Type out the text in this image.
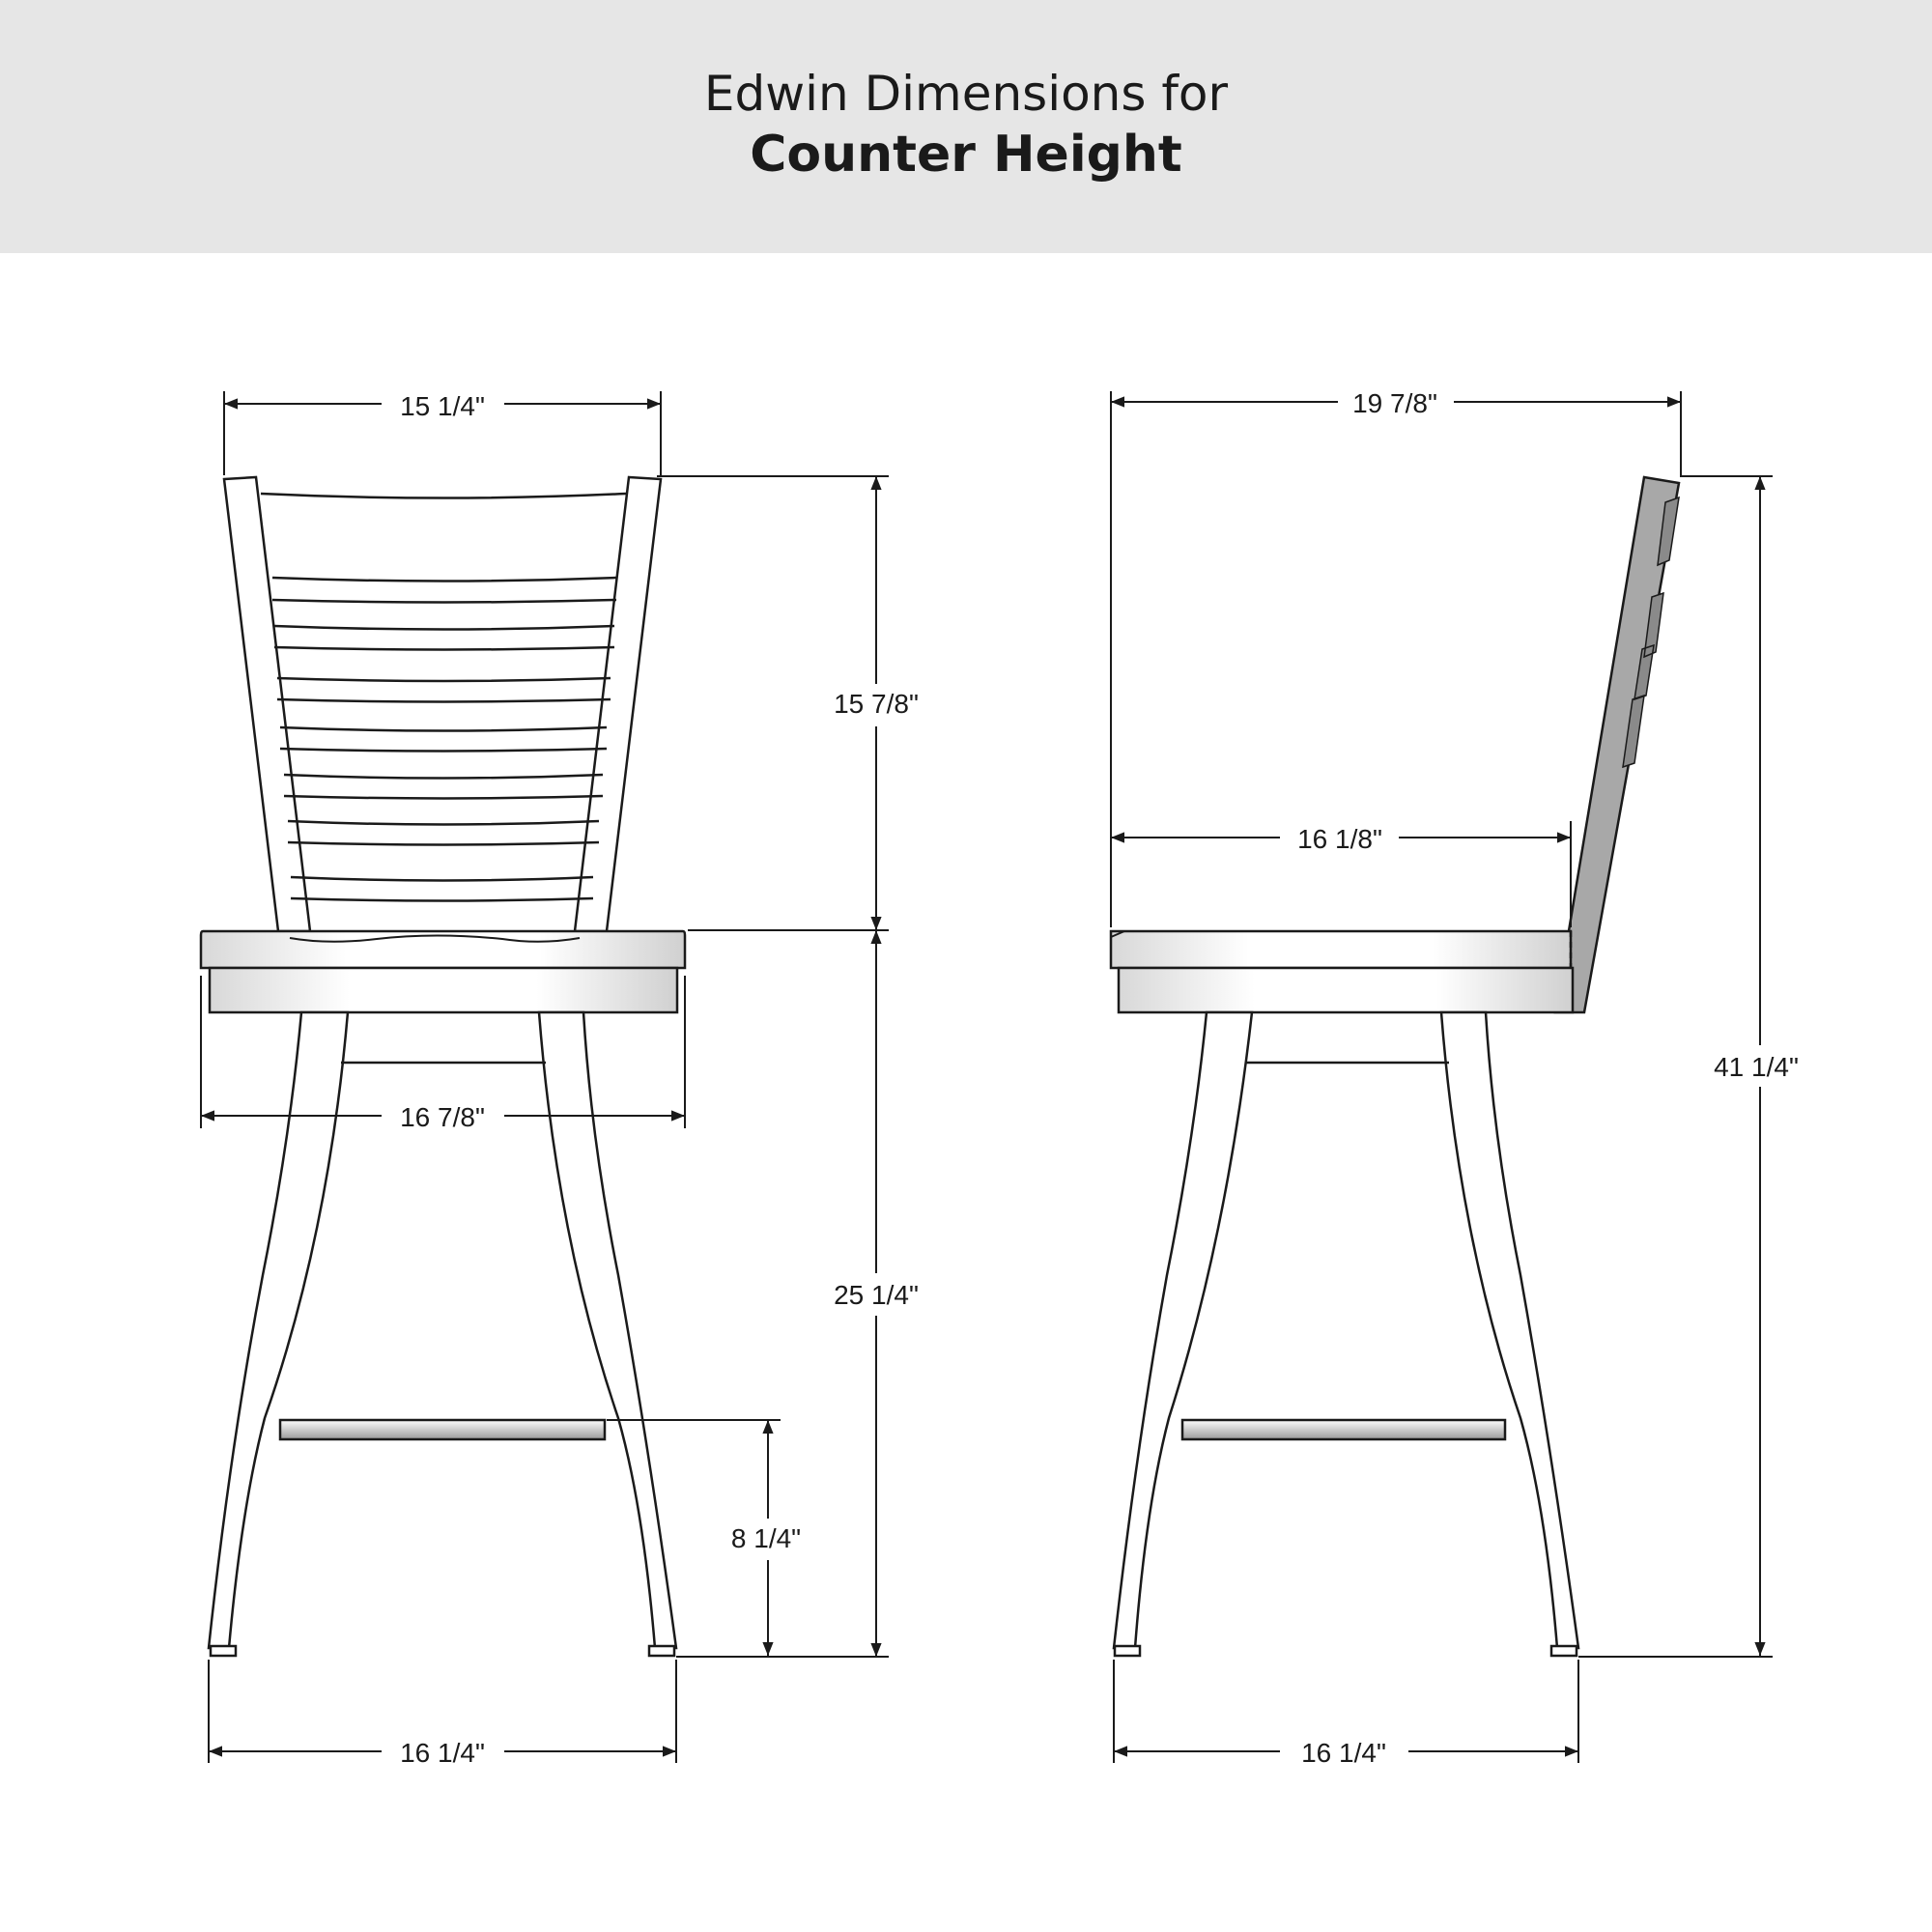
Edwin Dimensions for
Counter Height
15 1/4"
15 7/8"
16 7/8"
25 1/4"
8 1/4"
16 1/4"
19 7/8"
16 1/8"
41 1/4"
16 1/4"
